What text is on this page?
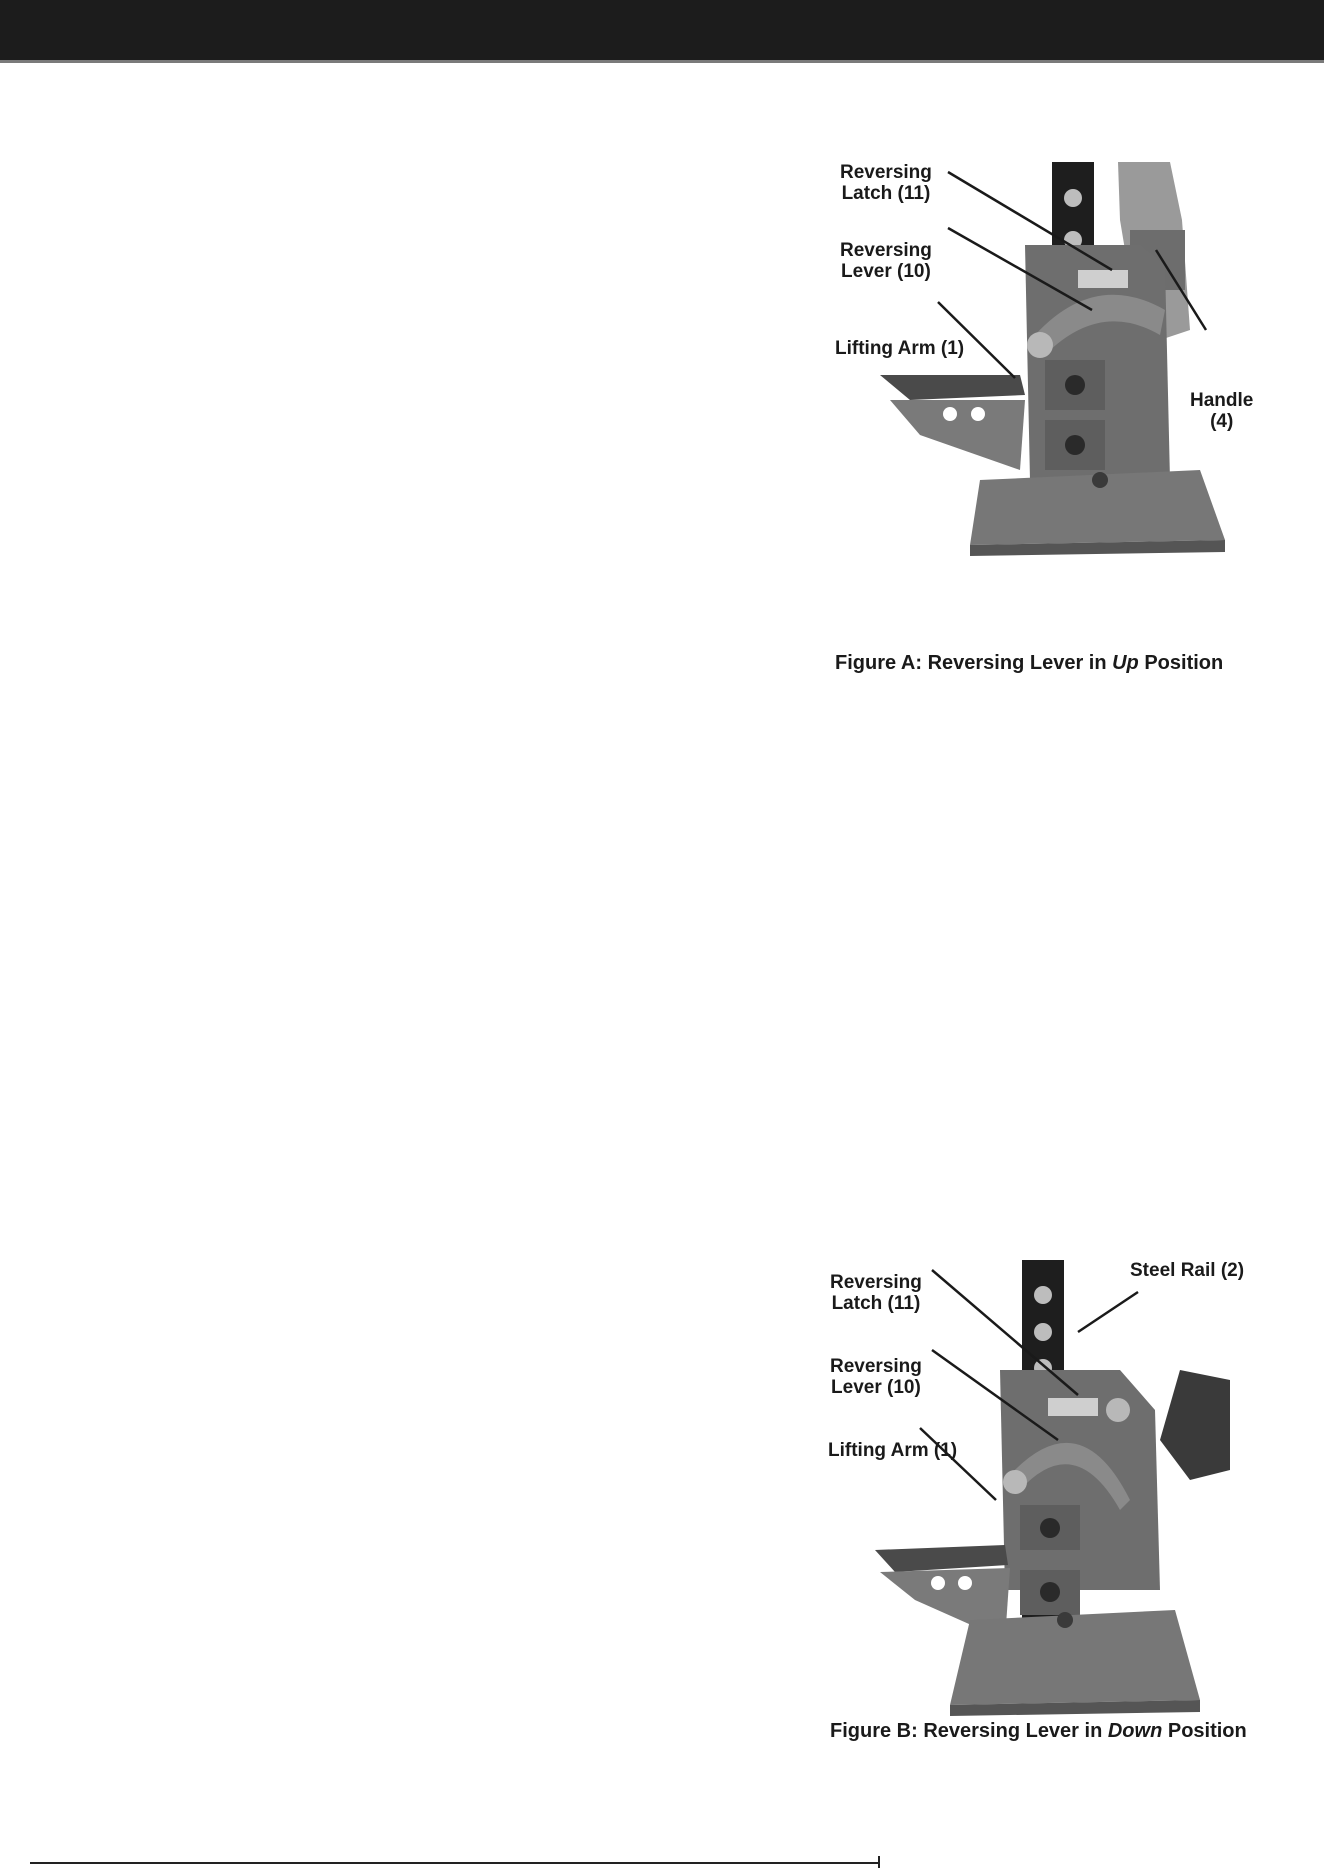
Reversing
Latch (11)
Reversing
Lever (10)
Lifting Arm (1)
Handle
(4)
Figure A: Reversing Lever in Up Position
Reversing
Latch (11)
Reversing
Lever (10)
Lifting Arm (1)
Steel Rail (2)
Figure B: Reversing Lever in Down Position
